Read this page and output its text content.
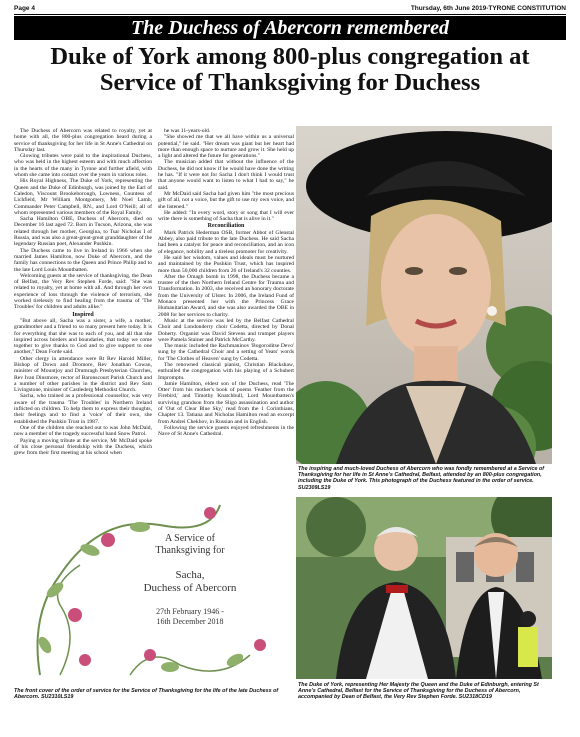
Page 4	Thursday, 6th June 2019-TYRONE CONSTITUTION
The Duchess of Abercorn remembered
Duke of York among 800-plus congregation at
Service of Thanksgiving for Duchess

The Duchess of Abercorn was related to royalty, yet at home with all, the 800-plus congregation heard during a service of thanksgiving for her life in St Anne's Cathedral on Thursday last.

Glowing tributes were paid to the inspirational Duchess, who was held in the highest esteem and with much affection in the hearts of the many in Tyrone and further afield, with whom she came into contact over the years in various roles.

His Royal Highness, The Duke of York, representing the Queen and the Duke of Edinburgh, was joined by the Earl of Caledon, Viscount Brookeborough, Lowness, Countess of Lichfield, Mr William Montgomery, Mr Noel Lamb, Commander Peter Campbell, RN., and Lord O'Neill; all of whom represented various members of the Royal Family.

Sacha Hamilton OBE, Duchess of Abercorn, died on December 16 last aged 72. Born in Tucson, Arizona, she was related through her mother, Georgina, to Tsar Nicholas I of Russia, and was also a great-great-great granddaughter of the legendary Russian poet, Alexander Pushkin.

The Duchess came to live in Ireland in 1966 when she married James Hamilton, now Duke of Abercorn, and the family has connections to the Queen and Prince Philip and to the late Lord Louis Mountbatten.

Welcoming guests at the service of thanksgiving, the Dean of Belfast, the Very Rev Stephen Forde, said: "She was related to royalty, yet at home with all. And through her own experience of loss through the violence of terrorism, she worked tirelessly to find healing from the trauma of 'The Troubles' for children and adults alike."

Inspired

"But above all, Sacha was a sister, a wife, a mother, grandmother and a friend to so many present here today. It is for everything that she was to each of you, and all that she inspired across borders and boundaries, that today we come together to give thanks to God and to give support to one another," Dean Forde said.

Other clergy in attendance were Rt Rev Harold Miller, Bishop of Down and Dromore, Rev Jonathan Cowan, minister of Mountjoy and Drumragh Presbyterian Churches, Rev Ivan Dinsmore, rector of Baronscourt Parish Church and a number of other parishes in the district and Rev Sam Livingstone, minister of Castlederg Methodist Church.

Sacha, who trained as a professional counsellor, was very aware of the trauma 'The Troubles' in Northern Ireland inflicted on children. To help them to express their thoughts, their feelings and to find a 'voice' of their own, she established the Pushkin Trust in 1987.

One of the children she reached out to was John McDaid, now a member of the tragedy successful band Snow Patrol.

Paying a moving tribute at the service, Mr McDaid spoke of his close personal friendship with the Duchess, which grew from their first meeting at his school when

he was 11-years-old.

"She showed me that we all have within us a universal potential," he said. "Her dream was giant but her heart had more than enough space to nurture and grow it. She held up a light and altered the future for generations."

The musician added that without the influence of the Duchess, he did not know if he would have done the writing he has. "If it were not for Sacha I don't think I would trust that anyone would want to listen to what I had to say," he said.

Mr McDaid said Sacha had given him "the most precious gift of all, not a voice, but the gift to use my own voice, and she listened."

He added: "In every word, story or song that I will ever write there is something of Sacha that is alive in it."

Reconciliation

Mark Patrick Hederman OSB, former Abbot of Glenstal Abbey, also paid tribute to the late Duchess. He said Sacha had been a catalyst for peace and reconciliation, and an icon of elegance, nobility and a tireless promoter for creativity.

He said her wisdom, values and ideals must be nurtured and maintained by the Pushkin Trust, which has inspired more than 50,000 children from 26 of Ireland's 32 counties.

After the Omagh bomb in 1998, the Duchess became a trustee of the then Northern Ireland Centre for Trauma and Transformation. In 2003, she received an honorary doctorate from the University of Ulster. In 2006, the Ireland Fund of Monaco presented her with the Princess Grace Humanitarian Award, and she was also awarded the OBE in 2008 for her services to charity.

Music at the service was led by the Belfast Cathedral Choir and Londonderry choir Codetta, directed by Donal Doherty. Organist was David Stevens and trumpet players were Pamela Stainer and Patrick McCarthy.

The music included the Rachmaninov 'Bogoroditse Devo' sung by the Cathedral Choir and a setting of Yeats' words for 'The Clothes of Heaven' sung by Codetta.

The renowned classical pianist, Christian Blackshaw, enthralled the congregation with his playing of a Schubert Impromptu.

Jamie Hamilton, eldest son of the Duchess, read 'The Otter' from his mother's book of poems 'Feather from the Firebird,' and Timothy Knatchbull, Lord Mountbatten's surviving grandson from the Sligo assassination and author of 'Out of Clear Blue Sky,' read from the 1 Corinthians, Chapter 13. Tatiana and Nicholas Hamilton read an excerpt from Andrei Chekhov, in Russian and in English.

Following the service guests enjoyed refreshments in the Nave of St Anne's Cathedral.

The inspiring and much-loved Duchess of Abercorn who was fondly remembered at a Service of Thanksgiving for her life in St Anne's Cathedral, Belfast, attended by an 800-plus congregation, including the Duke of York. This photograph of the Duchess featured in the order of service. SU2309LS19
The Duke of York, representing Her Majesty the Queen and the Duke of Edinburgh, entering St Anne's Cathedral, Belfast for the Service of Thanksgiving for the Duchess of Abercorn, accompanied by Dean of Belfast, the Very Rev Stephen Forde. SU2318CD19
A Service of
Thanksgiving for
Sacha,
Duchess of Abercorn
27th February 1946 -
16th December 2018
The front cover of the order of service for the Service of Thanksgiving for the life of the late Duchess of Abercorn. SU2310LS19
